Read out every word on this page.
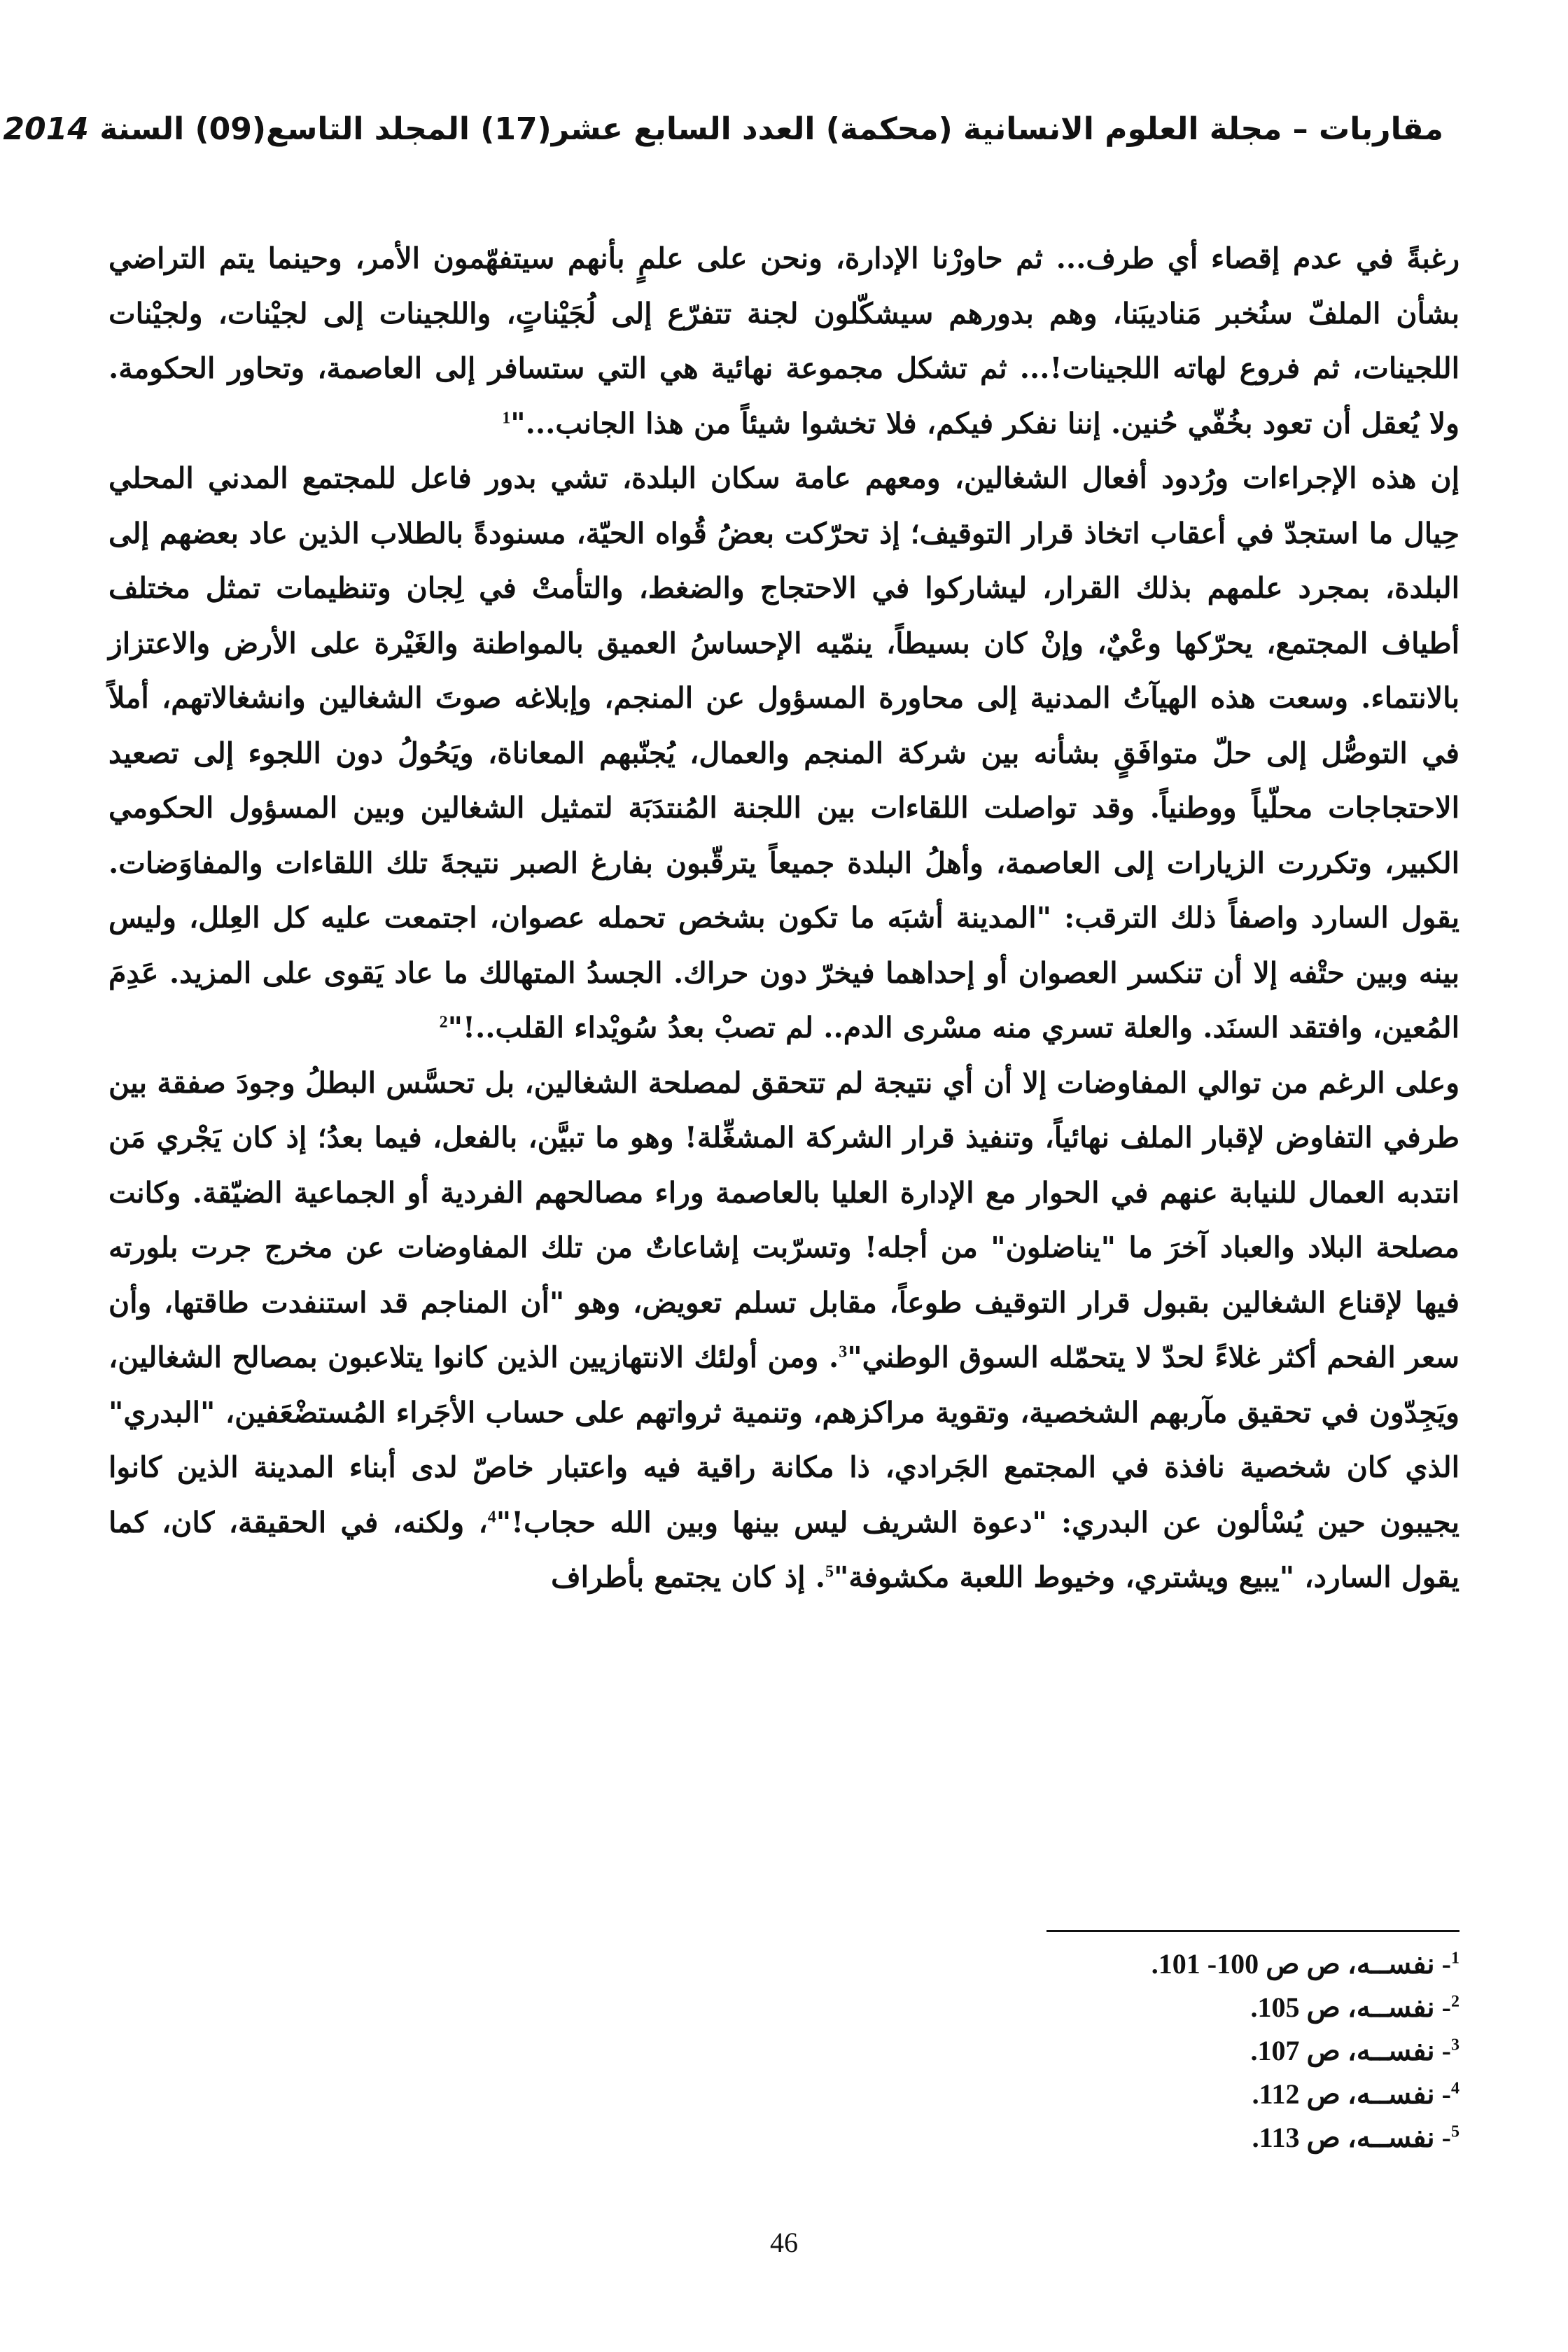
مقاربات – مجلة العلوم الانسانية (محكمة) العدد السابع عشر(17) المجلد التاسع(09) السنة 2014

رغبةً في عدم إقصاء أي طرف... ثم حاورْنا الإدارة، ونحن على علمٍ بأنهم سيتفهّمون الأمر، وحينما يتم التراضي بشأن الملفّ سنُخبر مَناديبَنا، وهم بدورهم سيشكّلون لجنة تتفرّع إلى لُجَيْناتٍ، واللجينات إلى لجيْنات، ولجيْنات اللجينات، ثم فروع لهاته اللجينات!... ثم تشكل مجموعة نهائية هي التي ستسافر إلى العاصمة، وتحاور الحكومة. ولا يُعقل أن تعود بخُفّي حُنين. إننا نفكر فيكم، فلا تخشوا شيئاً من هذا الجانب..."$^1$

إن هذه الإجراءات ورُدود أفعال الشغالين، ومعهم عامة سكان البلدة، تشي بدور فاعل للمجتمع المدني المحلي حِيال ما استجدّ في أعقاب اتخاذ قرار التوقيف؛ إذ تحرّكت بعضُ قُواه الحيّة، مسنودةً بالطلاب الذين عاد بعضهم إلى البلدة، بمجرد علمهم بذلك القرار، ليشاركوا في الاحتجاج والضغط، والتأمتْ في لِجان وتنظيمات تمثل مختلف أطياف المجتمع، يحرّكها وعْيٌ، وإنْ كان بسيطاً، ينمّيه الإحساسُ العميق بالمواطنة والغَيْرة على الأرض والاعتزاز بالانتماء. وسعت هذه الهيآتُ المدنية إلى محاورة المسؤول عن المنجم، وإبلاغه صوتَ الشغالين وانشغالاتهم، أملاً في التوصُّل إلى حلّ متوافَقٍ بشأنه بين شركة المنجم والعمال، يُجنّبهم المعاناة، ويَحُولُ دون اللجوء إلى تصعيد الاحتجاجات محلّياً ووطنياً. وقد تواصلت اللقاءات بين اللجنة المُنتدَبَة لتمثيل الشغالين وبين المسؤول الحكومي الكبير، وتكررت الزيارات إلى العاصمة، وأهلُ البلدة جميعاً يترقّبون بفارغ الصبر نتيجةَ تلك اللقاءات والمفاوَضات. يقول السارد واصفاً ذلك الترقب: "المدينة أشبَه ما تكون بشخص تحمله عصوان، اجتمعت عليه كل العِلل، وليس بينه وبين حتْفه إلا أن تنكسر العصوان أو إحداهما فيخرّ دون حراك. الجسدُ المتهالك ما عاد يَقوى على المزيد. عَدِمَ المُعين، وافتقد السنَد. والعلة تسري منه مسْرى الدم.. لم تصبْ بعدُ سُويْداء القلب..!"$^2$

وعلى الرغم من توالي المفاوضات إلا أن أي نتيجة لم تتحقق لمصلحة الشغالين، بل تحسَّس البطلُ وجودَ صفقة بين طرفي التفاوض لإقبار الملف نهائياً، وتنفيذ قرار الشركة المشغِّلة! وهو ما تبيَّن، بالفعل، فيما بعدُ؛ إذ كان يَجْري مَن انتدبه العمال للنيابة عنهم في الحوار مع الإدارة العليا بالعاصمة وراء مصالحهم الفردية أو الجماعية الضيّقة. وكانت مصلحة البلاد والعباد آخرَ ما "يناضلون" من أجله! وتسرّبت إشاعاتٌ من تلك المفاوضات عن مخرج جرت بلورته فيها لإقناع الشغالين بقبول قرار التوقيف طوعاً، مقابل تسلم تعويض، وهو "أن المناجم قد استنفدت طاقتها، وأن سعر الفحم أكثر غلاءً لحدّ لا يتحمّله السوق الوطني"$^3$. ومن أولئك الانتهازيين الذين كانوا يتلاعبون بمصالح الشغالين، ويَجِدّون في تحقيق مآربهم الشخصية، وتقوية مراكزهم، وتنمية ثرواتهم على حساب الأجَراء المُستضْعَفين، "البدري" الذي كان شخصية نافذة في المجتمع الجَرادي، ذا مكانة راقية فيه واعتبار خاصّ لدى أبناء المدينة الذين كانوا يجيبون حين يُسْألون عن البدري: "دعوة الشريف ليس بينها وبين الله حجاب!"$^4$، ولكنه، في الحقيقة، كان، كما يقول السارد، "يبيع ويشتري، وخيوط اللعبة مكشوفة"$^5$. إذ كان يجتمع بأطراف

$^1$- نفســه، ص ص 100- 101.
$^2$- نفســه، ص 105.
$^3$- نفســه، ص 107.
$^4$- نفســه، ص 112.
$^5$- نفســه، ص 113.
46
